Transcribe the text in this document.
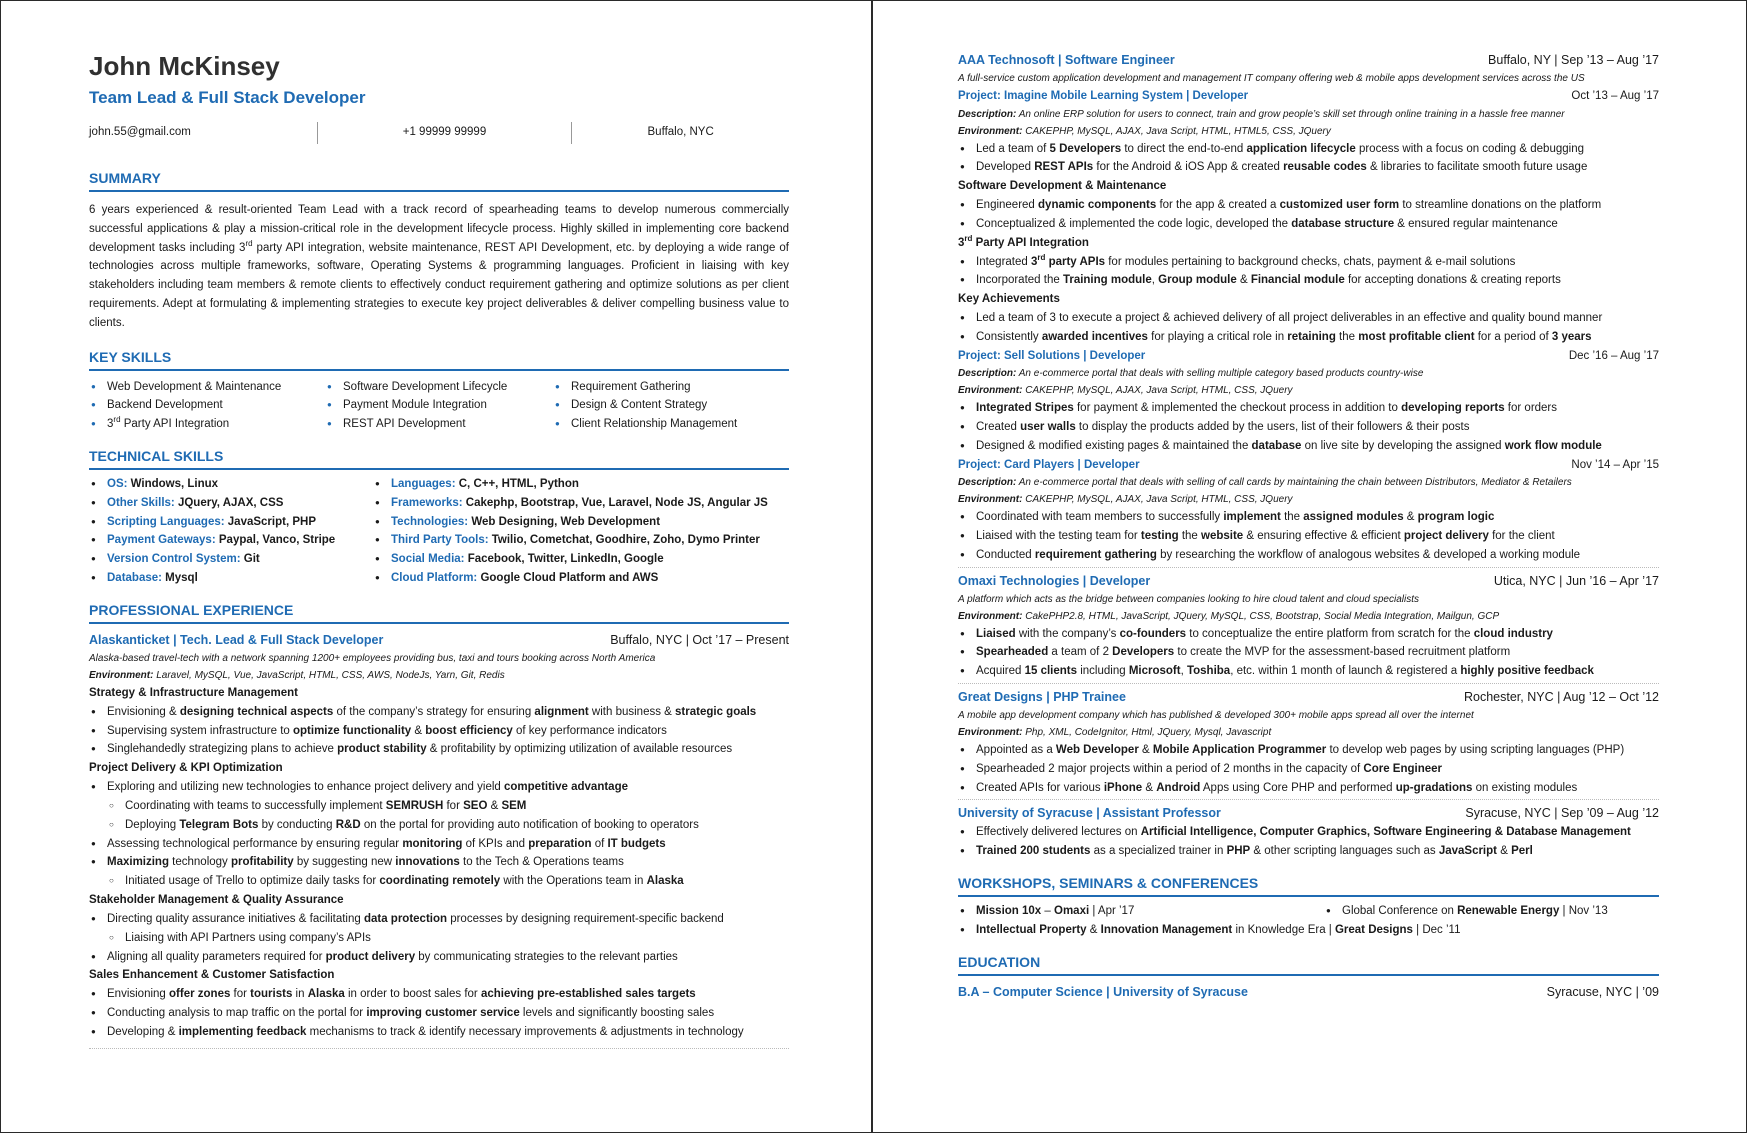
John McKinsey
Team Lead & Full Stack Developer
john.55@gmail.com	+1 99999 99999	Buffalo, NYC
SUMMARY
6 years experienced & result-oriented Team Lead with a track record of spearheading teams to develop numerous commercially successful applications & play a mission-critical role in the development lifecycle process. Highly skilled in implementing core backend development tasks including 3rd party API integration, website maintenance, REST API Development, etc. by deploying a wide range of technologies across multiple frameworks, software, Operating Systems & programming languages. Proficient in liaising with key stakeholders including team members & remote clients to effectively conduct requirement gathering and optimize solutions as per client requirements. Adept at formulating & implementing strategies to execute key project deliverables & deliver compelling business value to clients.
KEY SKILLS
● Web Development & Maintenance
● Backend Development
● 3rd Party API Integration
● Software Development Lifecycle
● Payment Module Integration
● REST API Development
● Requirement Gathering
● Design & Content Strategy
● Client Relationship Management
TECHNICAL SKILLS
● OS: Windows, Linux
● Other Skills: JQuery, AJAX, CSS
● Scripting Languages: JavaScript, PHP
● Payment Gateways: Paypal, Vanco, Stripe
● Version Control System: Git
● Database: Mysql
● Languages: C, C++, HTML, Python
● Frameworks: Cakephp, Bootstrap, Vue, Laravel, Node JS, Angular JS
● Technologies: Web Designing, Web Development
● Third Party Tools: Twilio, Cometchat, Goodhire, Zoho, Dymo Printer
● Social Media: Facebook, Twitter, LinkedIn, Google
● Cloud Platform: Google Cloud Platform and AWS
PROFESSIONAL EXPERIENCE
Alaskanticket | Tech. Lead & Full Stack Developer	Buffalo, NYC | Oct ’17 – Present
Alaska-based travel-tech with a network spanning 1200+ employees providing bus, taxi and tours booking across North America
Environment: Laravel, MySQL, Vue, JavaScript, HTML, CSS, AWS, NodeJs, Yarn, Git, Redis
Strategy & Infrastructure Management
● Envisioning & designing technical aspects of the company’s strategy for ensuring alignment with business & strategic goals
● Supervising system infrastructure to optimize functionality & boost efficiency of key performance indicators
● Singlehandedly strategizing plans to achieve product stability & profitability by optimizing utilization of available resources
Project Delivery & KPI Optimization
● Exploring and utilizing new technologies to enhance project delivery and yield competitive advantage
○ Coordinating with teams to successfully implement SEMRUSH for SEO & SEM
○ Deploying Telegram Bots by conducting R&D on the portal for providing auto notification of booking to operators
● Assessing technological performance by ensuring regular monitoring of KPIs and preparation of IT budgets
● Maximizing technology profitability by suggesting new innovations to the Tech & Operations teams
○ Initiated usage of Trello to optimize daily tasks for coordinating remotely with the Operations team in Alaska
Stakeholder Management & Quality Assurance
● Directing quality assurance initiatives & facilitating data protection processes by designing requirement-specific backend
○ Liaising with API Partners using company’s APIs
● Aligning all quality parameters required for product delivery by communicating strategies to the relevant parties
Sales Enhancement & Customer Satisfaction
● Envisioning offer zones for tourists in Alaska in order to boost sales for achieving pre-established sales targets
● Conducting analysis to map traffic on the portal for improving customer service levels and significantly boosting sales
● Developing & implementing feedback mechanisms to track & identify necessary improvements & adjustments in technology
AAA Technosoft | Software Engineer	Buffalo, NY | Sep ’13 – Aug ’17
A full-service custom application development and management IT company offering web & mobile apps development services across the US
Project: Imagine Mobile Learning System | Developer	Oct ’13 – Aug ’17
Description: An online ERP solution for users to connect, train and grow people’s skill set through online training in a hassle free manner
Environment: CAKEPHP, MySQL, AJAX, Java Script, HTML, HTML5, CSS, JQuery
● Led a team of 5 Developers to direct the end-to-end application lifecycle process with a focus on coding & debugging
● Developed REST APIs for the Android & iOS App & created reusable codes & libraries to facilitate smooth future usage
Software Development & Maintenance
● Engineered dynamic components for the app & created a customized user form to streamline donations on the platform
● Conceptualized & implemented the code logic, developed the database structure & ensured regular maintenance
3rd Party API Integration
● Integrated 3rd party APIs for modules pertaining to background checks, chats, payment & e-mail solutions
● Incorporated the Training module, Group module & Financial module for accepting donations & creating reports
Key Achievements
● Led a team of 3 to execute a project & achieved delivery of all project deliverables in an effective and quality bound manner
● Consistently awarded incentives for playing a critical role in retaining the most profitable client for a period of 3 years
Project: Sell Solutions | Developer	Dec ’16 – Aug ’17
Description: An e-commerce portal that deals with selling multiple category based products country-wise
Environment: CAKEPHP, MySQL, AJAX, Java Script, HTML, CSS, JQuery
● Integrated Stripes for payment & implemented the checkout process in addition to developing reports for orders
● Created user walls to display the products added by the users, list of their followers & their posts
● Designed & modified existing pages & maintained the database on live site by developing the assigned work flow module
Project: Card Players | Developer	Nov ’14 – Apr ’15
Description: An e-commerce portal that deals with selling of call cards by maintaining the chain between Distributors, Mediator & Retailers
Environment: CAKEPHP, MySQL, AJAX, Java Script, HTML, CSS, JQuery
● Coordinated with team members to successfully implement the assigned modules & program logic
● Liaised with the testing team for testing the website & ensuring effective & efficient project delivery for the client
● Conducted requirement gathering by researching the workflow of analogous websites & developed a working module
Omaxi Technologies | Developer	Utica, NYC | Jun ’16 – Apr ’17
A platform which acts as the bridge between companies looking to hire cloud talent and cloud specialists
Environment: CakePHP2.8, HTML, JavaScript, JQuery, MySQL, CSS, Bootstrap, Social Media Integration, Mailgun, GCP
● Liaised with the company’s co-founders to conceptualize the entire platform from scratch for the cloud industry
● Spearheaded a team of 2 Developers to create the MVP for the assessment-based recruitment platform
● Acquired 15 clients including Microsoft, Toshiba, etc. within 1 month of launch & registered a highly positive feedback
Great Designs | PHP Trainee	Rochester, NYC | Aug ’12 – Oct ’12
A mobile app development company which has published & developed 300+ mobile apps spread all over the internet
Environment: Php, XML, CodeIgnitor, Html, JQuery, Mysql, Javascript
● Appointed as a Web Developer & Mobile Application Programmer to develop web pages by using scripting languages (PHP)
● Spearheaded 2 major projects within a period of 2 months in the capacity of Core Engineer
● Created APIs for various iPhone & Android Apps using Core PHP and performed up-gradations on existing modules
University of Syracuse | Assistant Professor	Syracuse, NYC | Sep ’09 – Aug ’12
● Effectively delivered lectures on Artificial Intelligence, Computer Graphics, Software Engineering & Database Management
● Trained 200 students as a specialized trainer in PHP & other scripting languages such as JavaScript & Perl
WORKSHOPS, SEMINARS & CONFERENCES
● Mission 10x – Omaxi | Apr ’17
●	Global Conference on Renewable Energy | Nov ’13
● Intellectual Property & Innovation Management in Knowledge Era | Great Designs | Dec ’11
EDUCATION
B.A – Computer Science | University of Syracuse	Syracuse, NYC | ’09
